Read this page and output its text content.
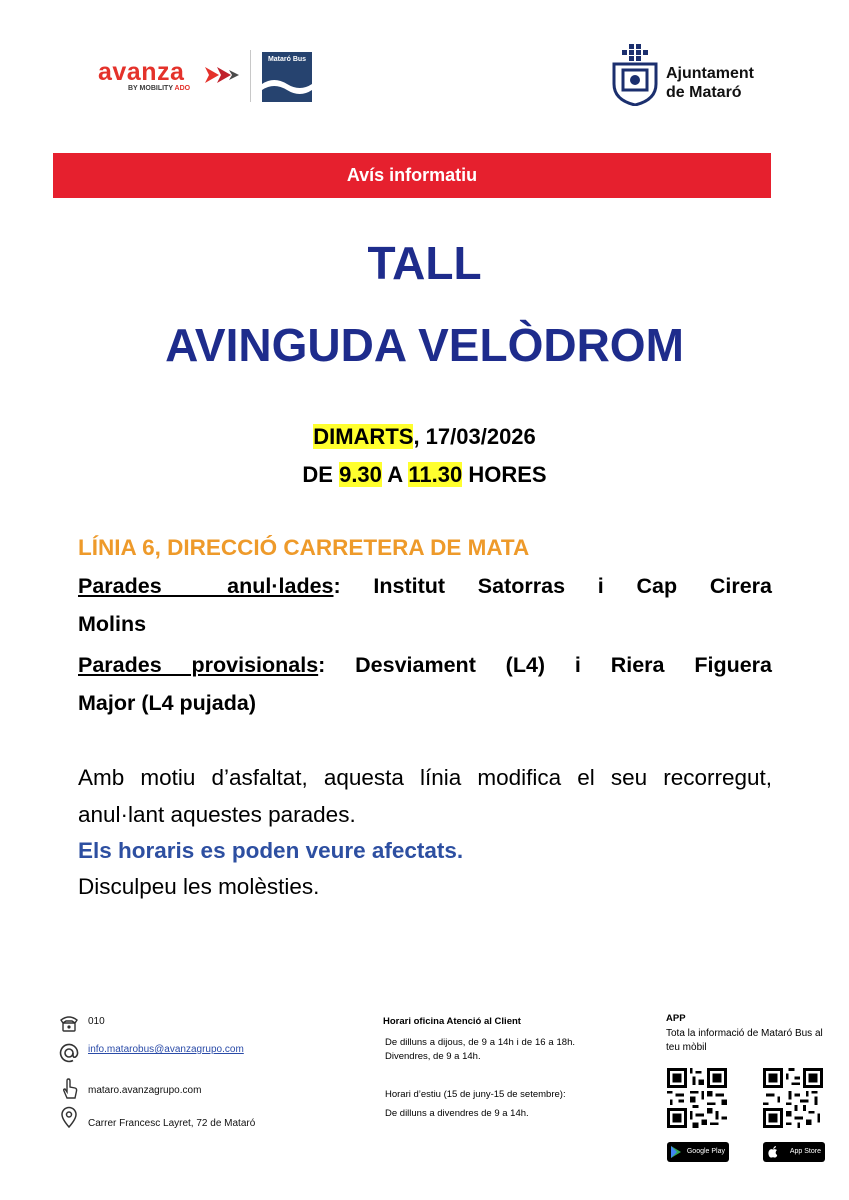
avanza
BY MOBILITY ADO
Mataró Bus
Ajuntament
de Mataró
Avís informatiu
TALL
AVINGUDA VELÒDROM
DIMARTS, 17/03/2026
DE 9.30 A 11.30 HORES
LÍNIA 6, DIRECCIÓ CARRETERA DE MATA
Parades  anul·lades: Institut Satorras i Cap Cirera
Molins
Parades provisionals: Desviament (L4) i Riera Figuera
Major (L4 pujada)
Amb motiu d’asfaltat, aquesta línia modifica el seu recorregut, anul·lant aquestes parades.
Els horaris es poden veure afectats.
Disculpeu les molèsties.
010
info.matarobus@avanzagrupo.com
mataro.avanzagrupo.com
Carrer Francesc Layret, 72 de Mataró
Horari oficina Atenció al Client
De dilluns a dijous, de 9 a 14h i de 16 a 18h. Divendres, de 9 a 14h.
Horari d’estiu (15 de juny-15 de setembre):
De dilluns a divendres de 9 a 14h.
APP
Tota la informació de Mataró Bus al teu mòbil
Google Play	App Store
